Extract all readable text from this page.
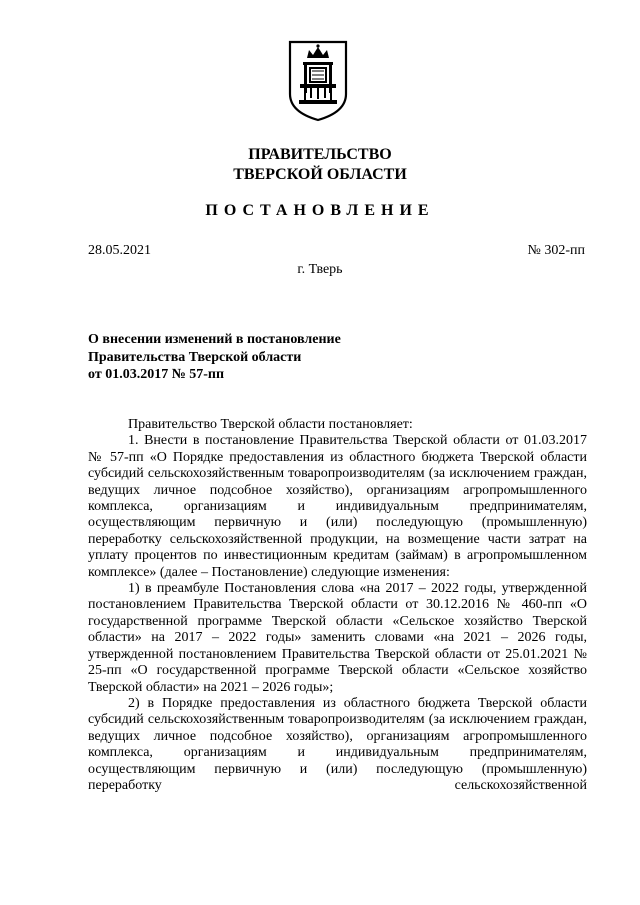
ПРАВИТЕЛЬСТВО
ТВЕРСКОЙ ОБЛАСТИ
ПОСТАНОВЛЕНИЕ
28.05.2021	№ 302-пп
г. Тверь
О внесении изменений в постановление
Правительства Тверской области
от 01.03.2017 № 57-пп

Правительство Тверской области постановляет:

1. Внести в постановление Правительства Тверской области от 01.03.2017 № 57-пп «О Порядке предоставления из областного бюджета Тверской области субсидий сельскохозяйственным товаропроизводителям (за исключением граждан, ведущих личное подсобное хозяйство), организациям агропромышленного комплекса, организациям и индивидуальным предпринимателям, осуществляющим первичную и (или) последующую (промышленную) переработку сельскохозяйственной продукции, на возмещение части затрат на уплату процентов по инвестиционным кредитам (займам) в агропромышленном комплексе» (далее – Постановление) следующие изменения:

1) в преамбуле Постановления слова «на 2017 – 2022 годы, утвержденной постановлением Правительства Тверской области от 30.12.2016 № 460-пп «О государственной программе Тверской области «Сельское хозяйство Тверской области» на 2017 – 2022 годы» заменить словами «на 2021 – 2026 годы, утвержденной постановлением Правительства Тверской области от 25.01.2021 № 25-пп «О государственной программе Тверской области «Сельское хозяйство Тверской области» на 2021 – 2026 годы»;

2) в Порядке предоставления из областного бюджета Тверской области субсидий сельскохозяйственным товаропроизводителям (за исключением граждан, ведущих личное подсобное хозяйство), организациям агропромышленного комплекса, организациям и индивидуальным предпринимателям, осуществляющим первичную и (или) последующую (промышленную) переработку сельскохозяйственной
